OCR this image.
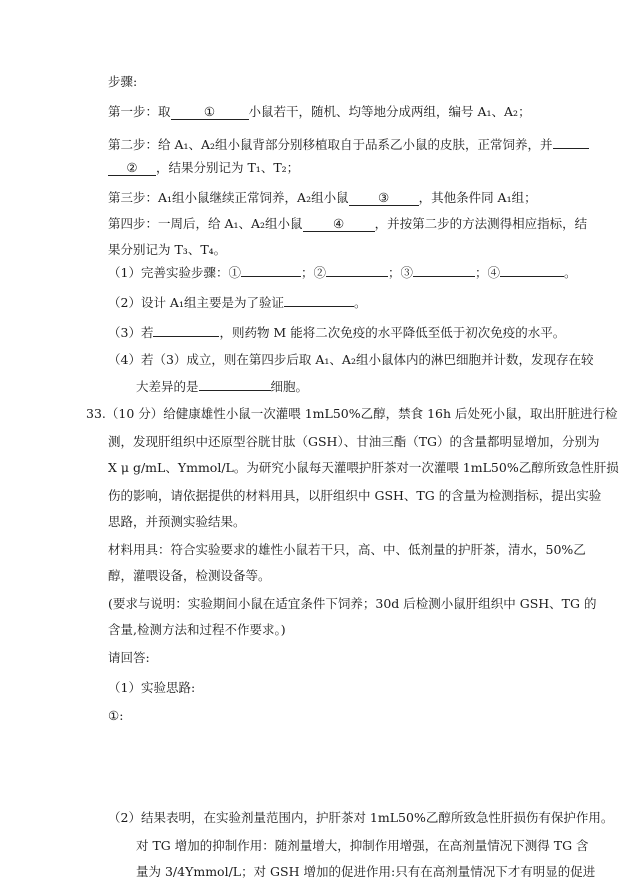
步骤:
第一步：取	①	小鼠若干，随机、均等地分成两组，编号 A₁、A₂；
第二步：给 A₁、A₂组小鼠背部分别移植取自于品系乙小鼠的皮肤，正常饲养，并
② ，结果分别记为 T₁、T₂；
第三步：A₁组小鼠继续正常饲养，A₂组小鼠 ③ ，其他条件同 A₁组；
第四步：一周后，给 A₁、A₂组小鼠 ④ ，并按第二步的方法测得相应指标，结
果分别记为 T₃、T₄。
（1）完善实验步骤：①	；②	；③	；④	。
（2）设计 A₁组主要是为了验证	。
（3）若	，则药物 M 能将二次免疫的水平降低至低于初次免疫的水平。
（4）若（3）成立，则在第四步后取 A₁、A₂组小鼠体内的淋巴细胞并计数，发现存在较
大差异的是	细胞。
33.（10 分）给健康雄性小鼠一次灌喂 1mL50%乙醇，禁食 16h 后处死小鼠，取出肝脏进行检
测，发现肝组织中还原型谷胱甘肽（GSH）、甘油三酯（TG）的含量都明显增加，分别为
X μ g/mL、Ymmol/L。为研究小鼠每天灌喂护肝茶对一次灌喂 1mL50%乙醇所致急性肝损
伤的影响，请依据提供的材料用具，以肝组织中 GSH、TG 的含量为检测指标，提出实验
思路，并预测实验结果。
材料用具：符合实验要求的雄性小鼠若干只，高、中、低剂量的护肝茶，清水，50%乙
醇，灌喂设备，检测设备等。
(要求与说明：实验期间小鼠在适宜条件下饲养；30d 后检测小鼠肝组织中 GSH、TG 的
含量,检测方法和过程不作要求。)
请回答:
（1）实验思路:
①:
（2）结果表明，在实验剂量范围内，护肝茶对 1mL50%乙醇所致急性肝损伤有保护作用。
对 TG 增加的抑制作用：随剂量增大，抑制作用增强，在高剂量情况下测得 TG 含
量为 3/4Ymmol/L；对 GSH 增加的促进作用:只有在高剂量情况下才有明显的促进
